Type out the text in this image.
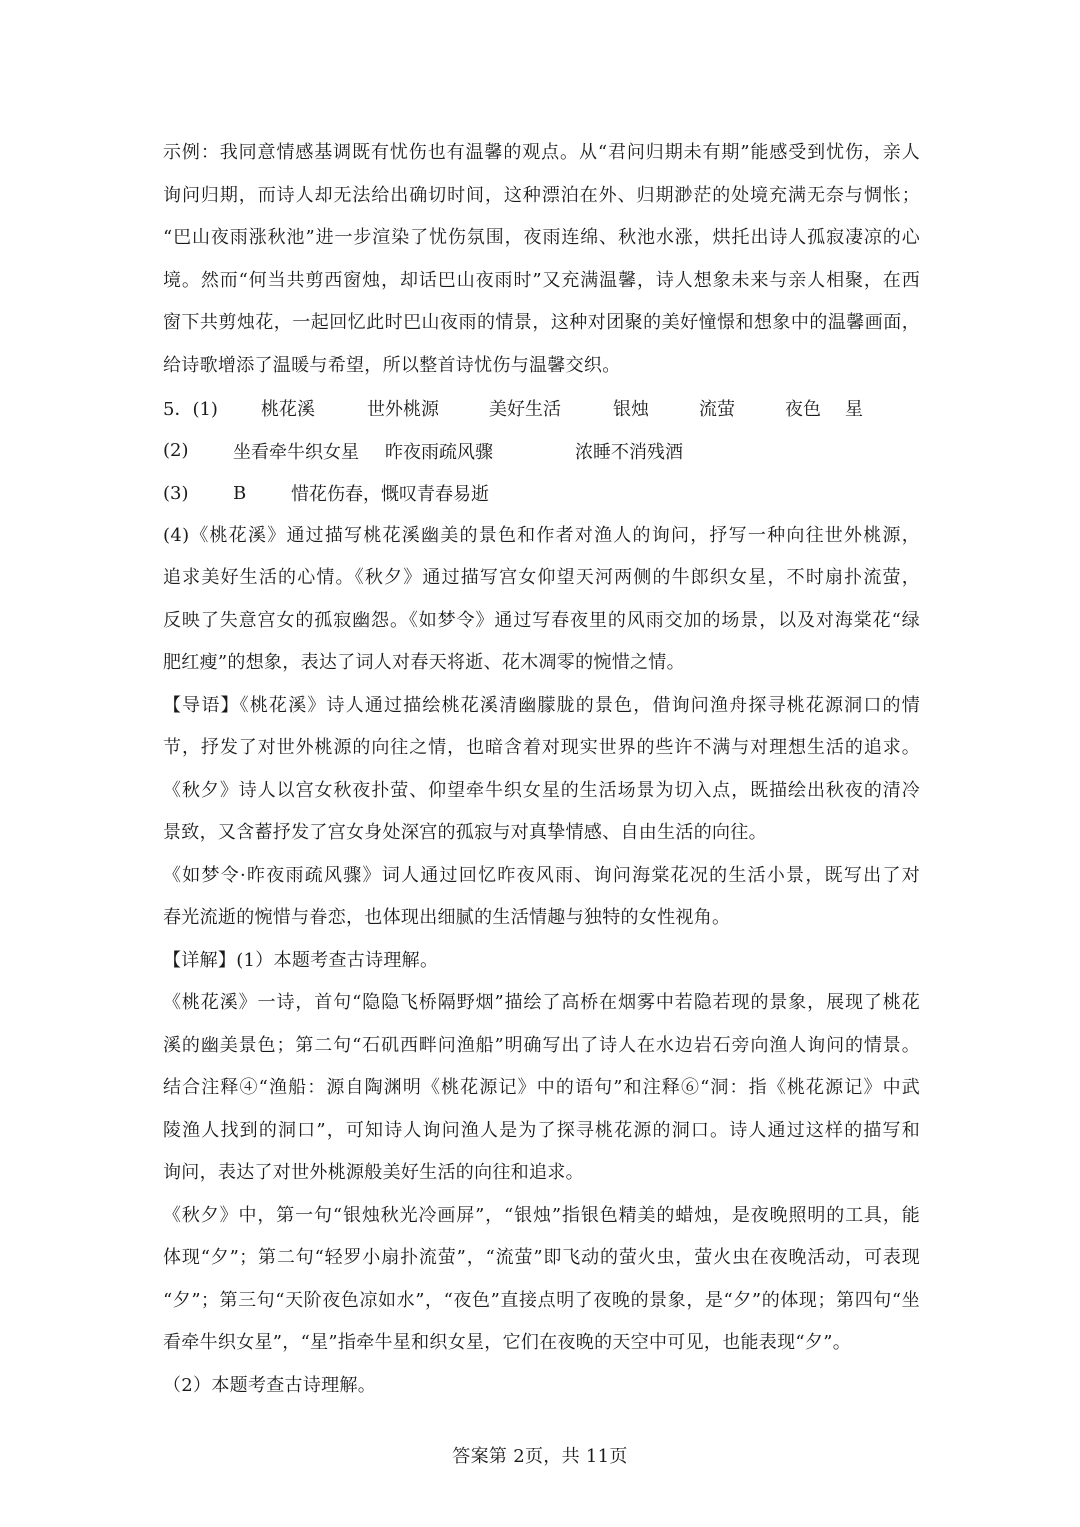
示例：我同意情感基调既有忧伤也有温馨的观点。从“君问归期未有期”能感受到忧伤，亲人
询问归期，而诗人却无法给出确切时间，这种漂泊在外、归期渺茫的处境充满无奈与惆怅；
“巴山夜雨涨秋池”进一步渲染了忧伤氛围，夜雨连绵、秋池水涨，烘托出诗人孤寂凄凉的心
境。然而“何当共剪西窗烛，却话巴山夜雨时”又充满温馨，诗人想象未来与亲人相聚，在西
窗下共剪烛花，一起回忆此时巴山夜雨的情景，这种对团聚的美好憧憬和想象中的温馨画面，
给诗歌增添了温暖与希望，所以整首诗忧伤与温馨交织。
5．(1)	桃花溪	世外桃源	美好生活	银烛	流萤	夜色	星
(2)	坐看牵牛织女星	昨夜雨疏风骤	浓睡不消残酒
(3)	B	惜花伤春，慨叹青春易逝
(4)《桃花溪》通过描写桃花溪幽美的景色和作者对渔人的询问，抒写一种向往世外桃源，
追求美好生活的心情。《秋夕》通过描写宫女仰望天河两侧的牛郎织女星，不时扇扑流萤，
反映了失意宫女的孤寂幽怨。《如梦令》通过写春夜里的风雨交加的场景，以及对海棠花“绿
肥红瘦”的想象，表达了词人对春天将逝、花木凋零的惋惜之情。
【导语】《桃花溪》诗人通过描绘桃花溪清幽朦胧的景色，借询问渔舟探寻桃花源洞口的情
节，抒发了对世外桃源的向往之情，也暗含着对现实世界的些许不满与对理想生活的追求。
《秋夕》诗人以宫女秋夜扑萤、仰望牵牛织女星的生活场景为切入点，既描绘出秋夜的清冷
景致，又含蓄抒发了宫女身处深宫的孤寂与对真挚情感、自由生活的向往。
《如梦令·昨夜雨疏风骤》词人通过回忆昨夜风雨、询问海棠花况的生活小景，既写出了对
春光流逝的惋惜与眷恋，也体现出细腻的生活情趣与独特的女性视角。
【详解】(1）本题考查古诗理解。
《桃花溪》一诗，首句“隐隐飞桥隔野烟”描绘了高桥在烟雾中若隐若现的景象，展现了桃花
溪的幽美景色；第二句“石矶西畔问渔船”明确写出了诗人在水边岩石旁向渔人询问的情景。
结合注释④“渔船：源自陶渊明《桃花源记》中的语句”和注释⑥“洞：指《桃花源记》中武
陵渔人找到的洞口”，可知诗人询问渔人是为了探寻桃花源的洞口。诗人通过这样的描写和
询问，表达了对世外桃源般美好生活的向往和追求。
《秋夕》中，第一句“银烛秋光冷画屏”，“银烛”指银色精美的蜡烛，是夜晚照明的工具，能
体现“夕”；第二句“轻罗小扇扑流萤”，“流萤”即飞动的萤火虫，萤火虫在夜晚活动，可表现
“夕”；第三句“天阶夜色凉如水”，“夜色”直接点明了夜晚的景象，是“夕”的体现；第四句“坐
看牵牛织女星”，“星”指牵牛星和织女星，它们在夜晚的天空中可见，也能表现“夕”。
（2）本题考查古诗理解。
答案第 2页，共 11页
